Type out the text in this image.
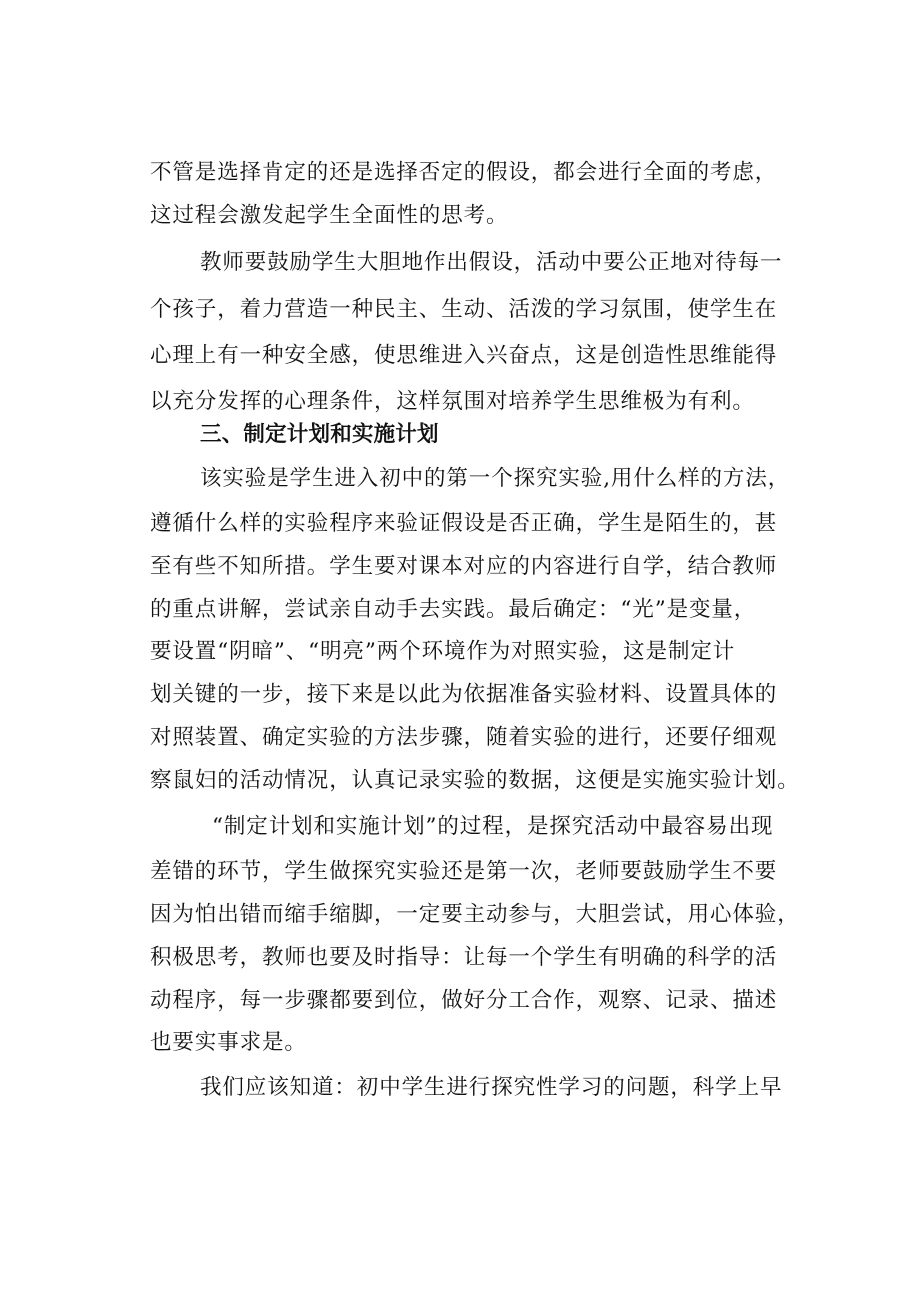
不管是选择肯定的还是选择否定的假设，都会进行全面的考虑，

这过程会激发起学生全面性的思考。

教师要鼓励学生大胆地作出假设，活动中要公正地对待每一

个孩子，着力营造一种民主、生动、活泼的学习氛围，使学生在

心理上有一种安全感，使思维进入兴奋点，这是创造性思维能得

以充分发挥的心理条件，这样氛围对培养学生思维极为有利。

三、制定计划和实施计划

该实验是学生进入初中的第一个探究实验,用什么样的方法，

遵循什么样的实验程序来验证假设是否正确，学生是陌生的，甚

至有些不知所措。学生要对课本对应的内容进行自学，结合教师

的重点讲解，尝试亲自动手去实践。最后确定：“光”是变量，

要设置“阴暗”、“明亮”两个环境作为对照实验，这是制定计

划关键的一步，接下来是以此为依据准备实验材料、设置具体的

对照装置、确定实验的方法步骤，随着实验的进行，还要仔细观

察鼠妇的活动情况，认真记录实验的数据，这便是实施实验计划。

“制定计划和实施计划”的过程，是探究活动中最容易出现

差错的环节，学生做探究实验还是第一次，老师要鼓励学生不要

因为怕出错而缩手缩脚，一定要主动参与，大胆尝试，用心体验，

积极思考，教师也要及时指导：让每一个学生有明确的科学的活

动程序，每一步骤都要到位，做好分工合作，观察、记录、描述

也要实事求是。

我们应该知道：初中学生进行探究性学习的问题，科学上早
